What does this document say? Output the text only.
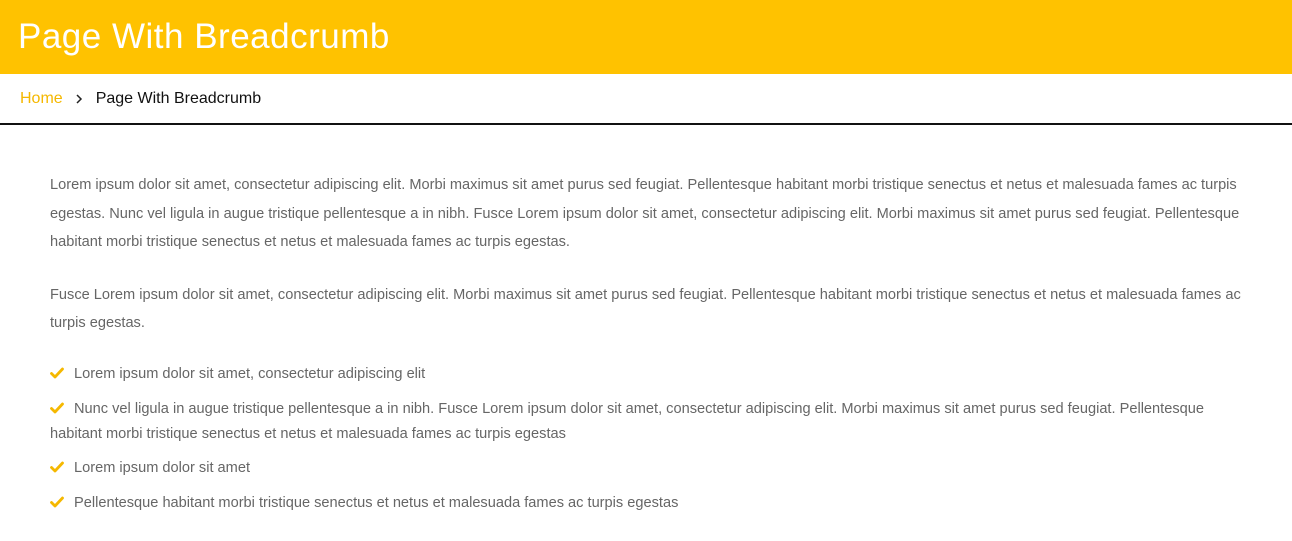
Page With Breadcrumb
Home Page With Breadcrumb

Lorem ipsum dolor sit amet, consectetur adipiscing elit. Morbi maximus sit amet purus sed feugiat. Pellentesque habitant morbi tristique senectus et netus et malesuada fames ac turpis egestas. Nunc vel ligula in augue tristique pellentesque a in nibh. Fusce Lorem ipsum dolor sit amet, consectetur adipiscing elit. Morbi maximus sit amet purus sed feugiat. Pellentesque habitant morbi tristique senectus et netus et malesuada fames ac turpis egestas.

Fusce Lorem ipsum dolor sit amet, consectetur adipiscing elit. Morbi maximus sit amet purus sed feugiat. Pellentesque habitant morbi tristique senectus et netus et malesuada fames ac turpis egestas.

Lorem ipsum dolor sit amet, consectetur adipiscing elit
Nunc vel ligula in augue tristique pellentesque a in nibh. Fusce Lorem ipsum dolor sit amet, consectetur adipiscing elit. Morbi maximus sit amet purus sed feugiat. Pellentesque habitant morbi tristique senectus et netus et malesuada fames ac turpis egestas
Lorem ipsum dolor sit amet
Pellentesque habitant morbi tristique senectus et netus et malesuada fames ac turpis egestas
